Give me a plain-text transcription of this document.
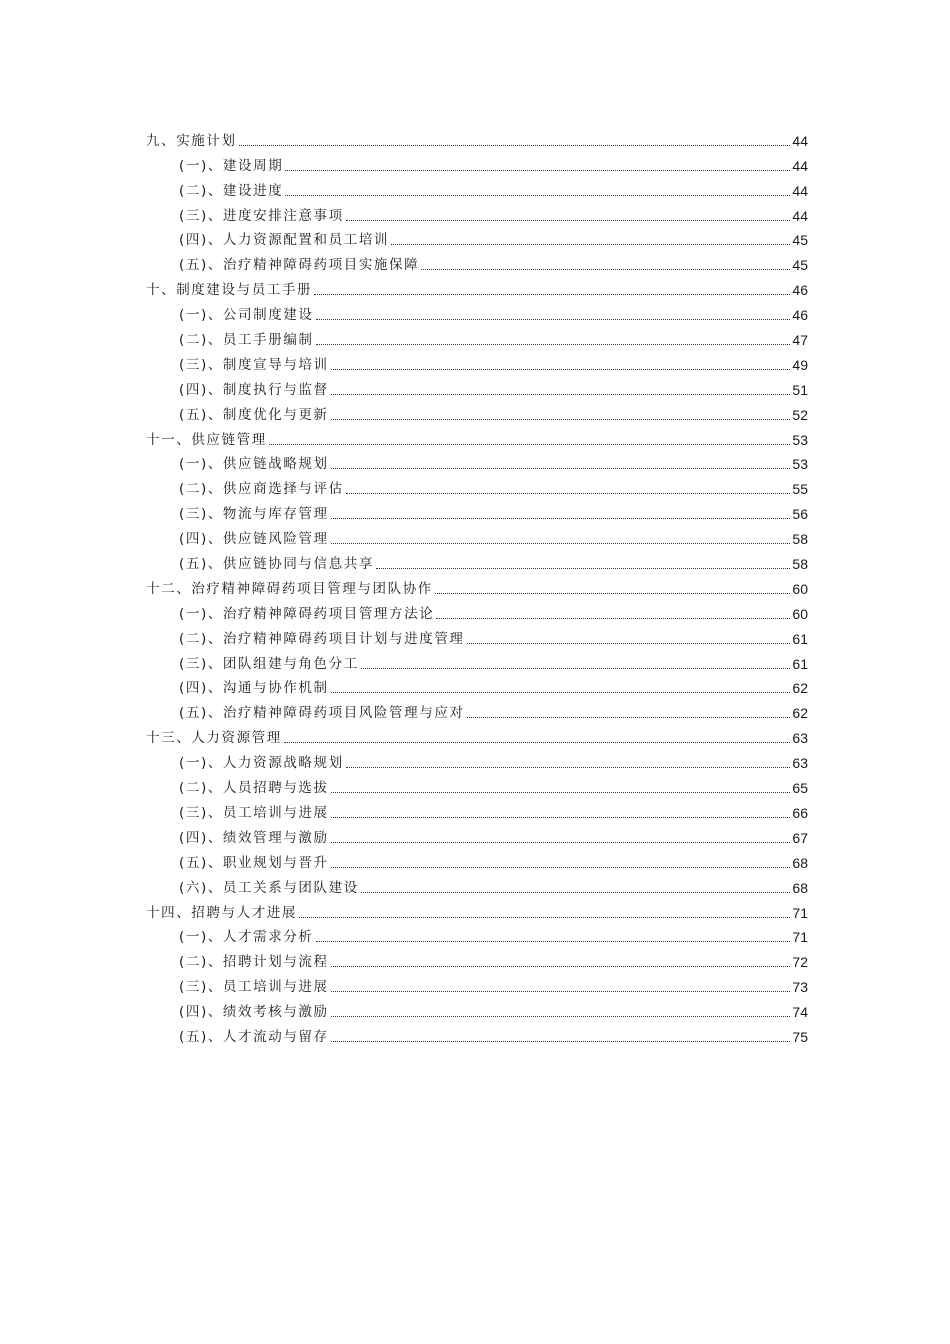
九、实施计划	44
(一)、建设周期	44
(二)、建设进度	44
(三)、进度安排注意事项	44
(四)、人力资源配置和员工培训	45
(五)、治疗精神障碍药项目实施保障	45
十、制度建设与员工手册	46
(一)、公司制度建设	46
(二)、员工手册编制	47
(三)、制度宣导与培训	49
(四)、制度执行与监督	51
(五)、制度优化与更新	52
十一、供应链管理	53
(一)、供应链战略规划	53
(二)、供应商选择与评估	55
(三)、物流与库存管理	56
(四)、供应链风险管理	58
(五)、供应链协同与信息共享	58
十二、治疗精神障碍药项目管理与团队协作	60
(一)、治疗精神障碍药项目管理方法论	60
(二)、治疗精神障碍药项目计划与进度管理	61
(三)、团队组建与角色分工	61
(四)、沟通与协作机制	62
(五)、治疗精神障碍药项目风险管理与应对	62
十三、人力资源管理	63
(一)、人力资源战略规划	63
(二)、人员招聘与选拔	65
(三)、员工培训与进展	66
(四)、绩效管理与激励	67
(五)、职业规划与晋升	68
(六)、员工关系与团队建设	68
十四、招聘与人才进展	71
(一)、人才需求分析	71
(二)、招聘计划与流程	72
(三)、员工培训与进展	73
(四)、绩效考核与激励	74
(五)、人才流动与留存	75
